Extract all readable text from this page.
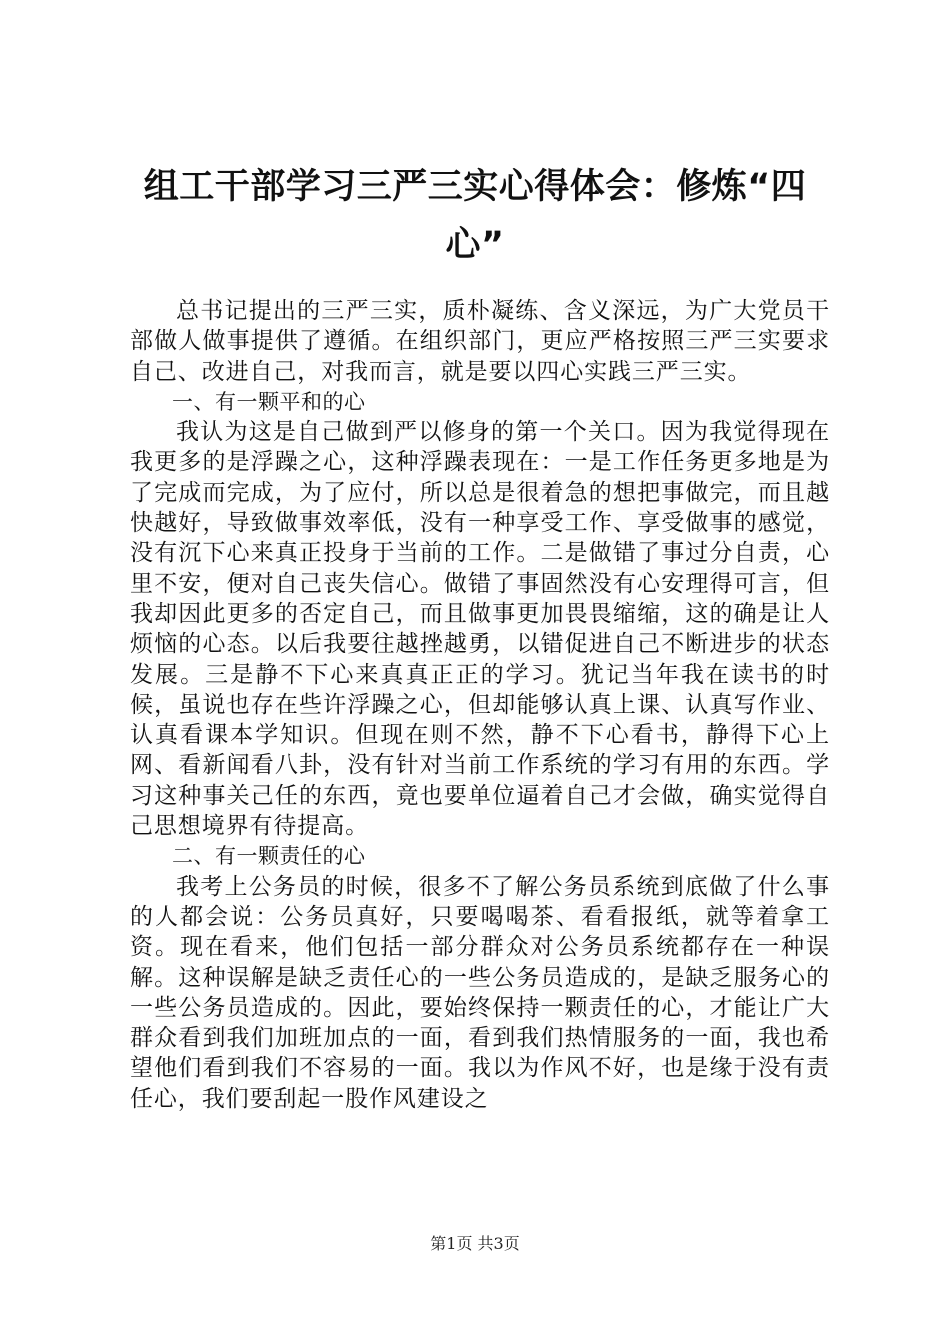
组工干部学习三严三实心得体会：修炼“四心”

总书记提出的三严三实，质朴凝练、含义深远，为广大党员干部做人做事提供了遵循。在组织部门，更应严格按照三严三实要求自己、改进自己，对我而言，就是要以四心实践三严三实。

一、有一颗平和的心

我认为这是自己做到严以修身的第一个关口。因为我觉得现在我更多的是浮躁之心，这种浮躁表现在：一是工作任务更多地是为了完成而完成，为了应付，所以总是很着急的想把事做完，而且越快越好，导致做事效率低，没有一种享受工作、享受做事的感觉，没有沉下心来真正投身于当前的工作。二是做错了事过分自责，心里不安，便对自己丧失信心。做错了事固然没有心安理得可言，但我却因此更多的否定自己，而且做事更加畏畏缩缩，这的确是让人烦恼的心态。以后我要往越挫越勇，以错促进自己不断进步的状态发展。三是静不下心来真真正正的学习。犹记当年我在读书的时候，虽说也存在些许浮躁之心，但却能够认真上课、认真写作业、认真看课本学知识。但现在则不然，静不下心看书，静得下心上网、看新闻看八卦，没有针对当前工作系统的学习有用的东西。学习这种事关己任的东西，竟也要单位逼着自己才会做，确实觉得自己思想境界有待提高。

二、有一颗责任的心

我考上公务员的时候，很多不了解公务员系统到底做了什么事的人都会说：公务员真好，只要喝喝茶、看看报纸，就等着拿工资。现在看来，他们包括一部分群众对公务员系统都存在一种误解。这种误解是缺乏责任心的一些公务员造成的，是缺乏服务心的一些公务员造成的。因此，要始终保持一颗责任的心，才能让广大群众看到我们加班加点的一面，看到我们热情服务的一面，我也希望他们看到我们不容易的一面。我以为作风不好，也是缘于没有责任心，我们要刮起一股作风建设之

第1页 共3页
